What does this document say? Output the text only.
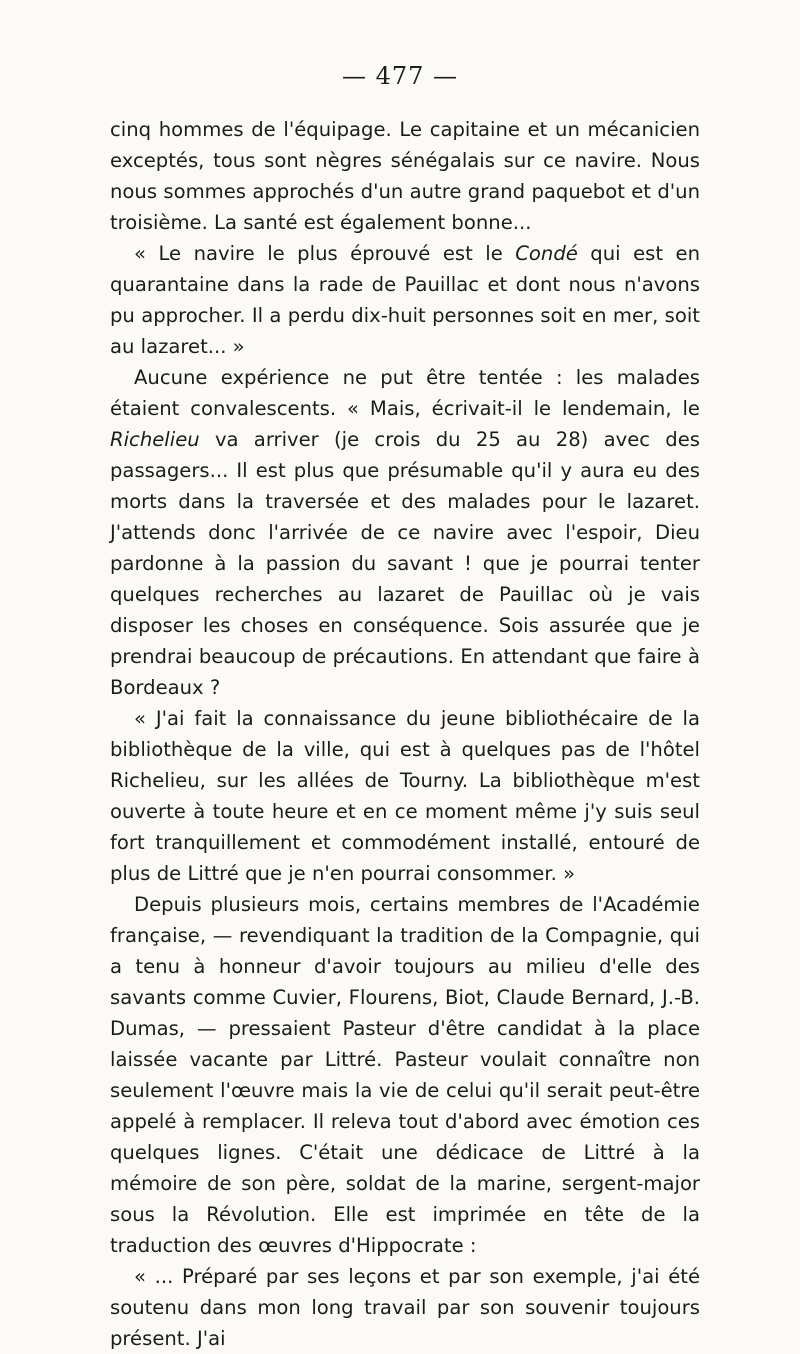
— 477 —

cinq hommes de l'équipage. Le capitaine et un mécanicien exceptés, tous sont nègres sénégalais sur ce navire. Nous nous sommes approchés d'un autre grand paquebot et d'un troisième. La santé est également bonne...

« Le navire le plus éprouvé est le Condé qui est en quarantaine dans la rade de Pauillac et dont nous n'avons pu approcher. Il a perdu dix-huit personnes soit en mer, soit au lazaret... »

Aucune expérience ne put être tentée : les malades étaient convalescents. « Mais, écrivait-il le lendemain, le Richelieu va arriver (je crois du 25 au 28) avec des passagers... Il est plus que présumable qu'il y aura eu des morts dans la traversée et des malades pour le lazaret. J'attends donc l'arrivée de ce navire avec l'espoir, Dieu pardonne à la passion du savant ! que je pourrai tenter quelques recherches au lazaret de Pauillac où je vais disposer les choses en conséquence. Sois assurée que je prendrai beaucoup de précautions. En attendant que faire à Bordeaux ?

« J'ai fait la connaissance du jeune bibliothécaire de la bibliothèque de la ville, qui est à quelques pas de l'hôtel Richelieu, sur les allées de Tourny. La bibliothèque m'est ouverte à toute heure et en ce moment même j'y suis seul fort tranquillement et commodément installé, entouré de plus de Littré que je n'en pourrai consommer. »

Depuis plusieurs mois, certains membres de l'Académie française, — revendiquant la tradition de la Compagnie, qui a tenu à honneur d'avoir toujours au milieu d'elle des savants comme Cuvier, Flourens, Biot, Claude Bernard, J.-B. Dumas, — pressaient Pasteur d'être candidat à la place laissée vacante par Littré. Pasteur voulait connaître non seulement l'œuvre mais la vie de celui qu'il serait peut-être appelé à remplacer. Il releva tout d'abord avec émotion ces quelques lignes. C'était une dédicace de Littré à la mémoire de son père, soldat de la marine, sergent-major sous la Révolution. Elle est imprimée en tête de la traduction des œuvres d'Hippocrate :

« ... Préparé par ses leçons et par son exemple, j'ai été soutenu dans mon long travail par son souvenir toujours présent. J'ai
